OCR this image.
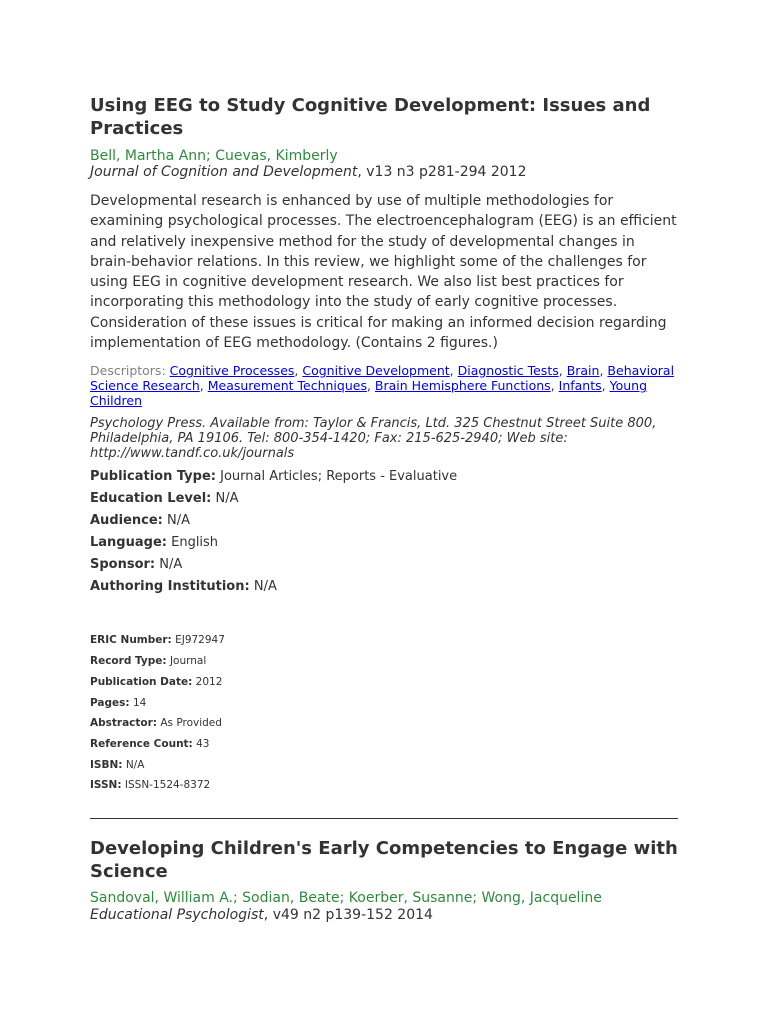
Using EEG to Study Cognitive Development: Issues and Practices
Bell, Martha Ann; Cuevas, Kimberly
Journal of Cognition and Development, v13 n3 p281-294 2012
Developmental research is enhanced by use of multiple methodologies for examining psychological processes. The electroencephalogram (EEG) is an efficient and relatively inexpensive method for the study of developmental changes in brain-behavior relations. In this review, we highlight some of the challenges for using EEG in cognitive development research. We also list best practices for incorporating this methodology into the study of early cognitive processes. Consideration of these issues is critical for making an informed decision regarding implementation of EEG methodology. (Contains 2 figures.)
Descriptors: Cognitive Processes, Cognitive Development, Diagnostic Tests, Brain, Behavioral Science Research, Measurement Techniques, Brain Hemisphere Functions, Infants, Young Children
Psychology Press. Available from: Taylor & Francis, Ltd. 325 Chestnut Street Suite 800, Philadelphia, PA 19106. Tel: 800-354-1420; Fax: 215-625-2940; Web site: http://www.tandf.co.uk/journals
Publication Type: Journal Articles; Reports - Evaluative
Education Level: N/A
Audience: N/A
Language: English
Sponsor: N/A
Authoring Institution: N/A
ERIC Number: EJ972947
Record Type: Journal
Publication Date: 2012
Pages: 14
Abstractor: As Provided
Reference Count: 43
ISBN: N/A
ISSN: ISSN-1524-8372
Developing Children's Early Competencies to Engage with Science
Sandoval, William A.; Sodian, Beate; Koerber, Susanne; Wong, Jacqueline
Educational Psychologist, v49 n2 p139-152 2014
